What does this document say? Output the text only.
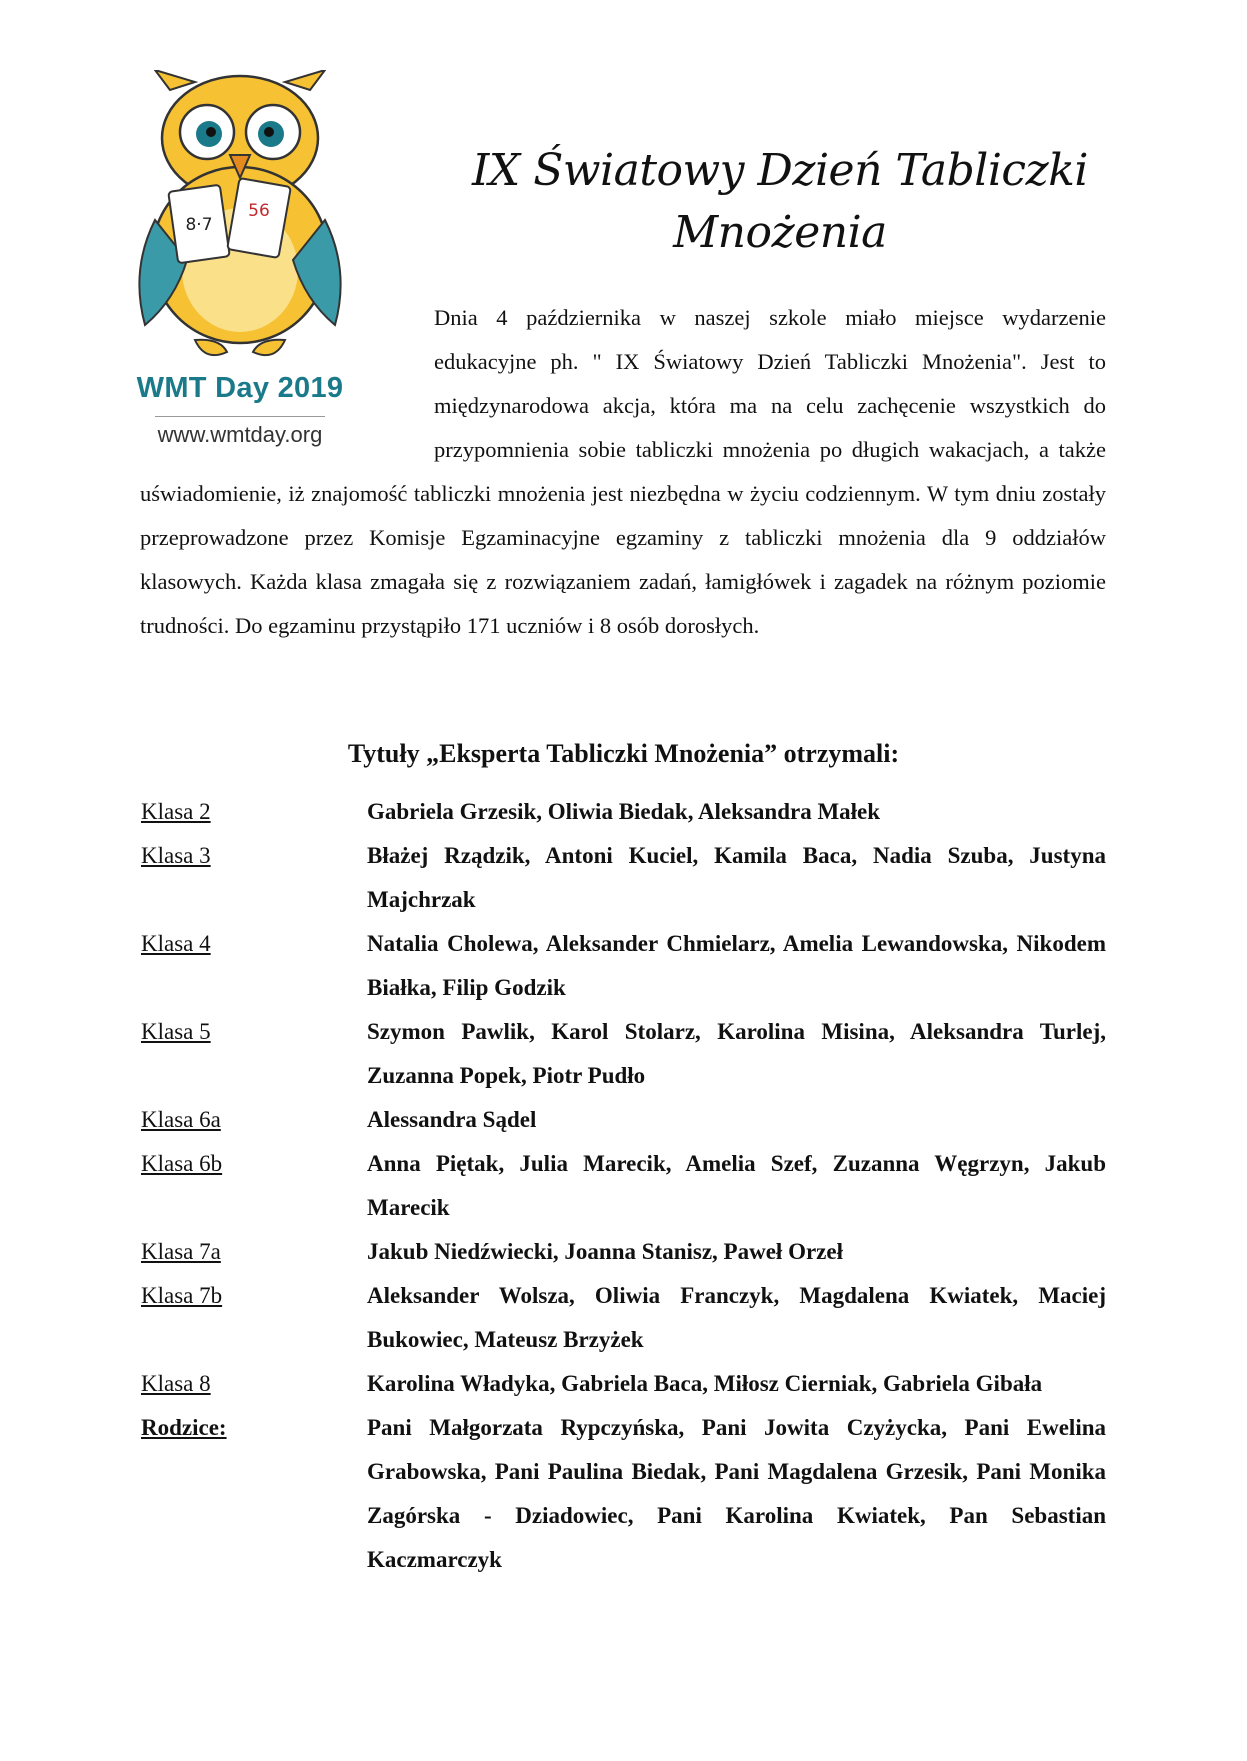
8·7
56
WMT Day 2019
www.wmtday.org
IX Światowy Dzień Tabliczki
Mnożenia

Dnia 4 października w naszej szkole miało miejsce wydarzenie edukacyjne ph. " IX Światowy Dzień Tabliczki Mnożenia". Jest to międzynarodowa akcja, która ma na celu zachęcenie wszystkich do przypomnienia sobie tabliczki mnożenia po długich wakacjach, a także uświadomienie, iż znajomość tabliczki mnożenia jest niezbędna w życiu codziennym. W tym dniu zostały przeprowadzone przez Komisje Egzaminacyjne egzaminy z tabliczki mnożenia dla 9 oddziałów klasowych. Każda klasa zmagała się z rozwiązaniem zadań, łamigłówek i zagadek na różnym poziomie trudności. Do egzaminu przystąpiło 171 uczniów i 8 osób dorosłych.

Tytuły „Eksperta Tabliczki Mnożenia” otrzymali:
Klasa 2	Gabriela Grzesik, Oliwia Biedak, Aleksandra Małek
Klasa 3	Błażej Rządzik, Antoni Kuciel, Kamila Baca, Nadia Szuba, Justyna Majchrzak
Klasa 4	Natalia Cholewa, Aleksander Chmielarz, Amelia Lewandowska, Nikodem Białka, Filip Godzik
Klasa 5	Szymon Pawlik, Karol Stolarz, Karolina Misina, Aleksandra Turlej, Zuzanna Popek, Piotr Pudło
Klasa 6a	Alessandra Sądel
Klasa 6b	Anna Piętak, Julia Marecik, Amelia Szef, Zuzanna Węgrzyn, Jakub Marecik
Klasa 7a	Jakub Niedźwiecki, Joanna Stanisz, Paweł Orzeł
Klasa 7b	Aleksander Wolsza, Oliwia Franczyk, Magdalena Kwiatek, Maciej Bukowiec, Mateusz Brzyżek
Klasa 8	Karolina Władyka, Gabriela Baca, Miłosz Cierniak, Gabriela Gibała
Rodzice:	Pani Małgorzata Rypczyńska, Pani Jowita Czyżycka, Pani Ewelina Grabowska, Pani Paulina Biedak, Pani Magdalena Grzesik, Pani Monika Zagórska - Dziadowiec, Pani Karolina Kwiatek, Pan Sebastian Kaczmarczyk
